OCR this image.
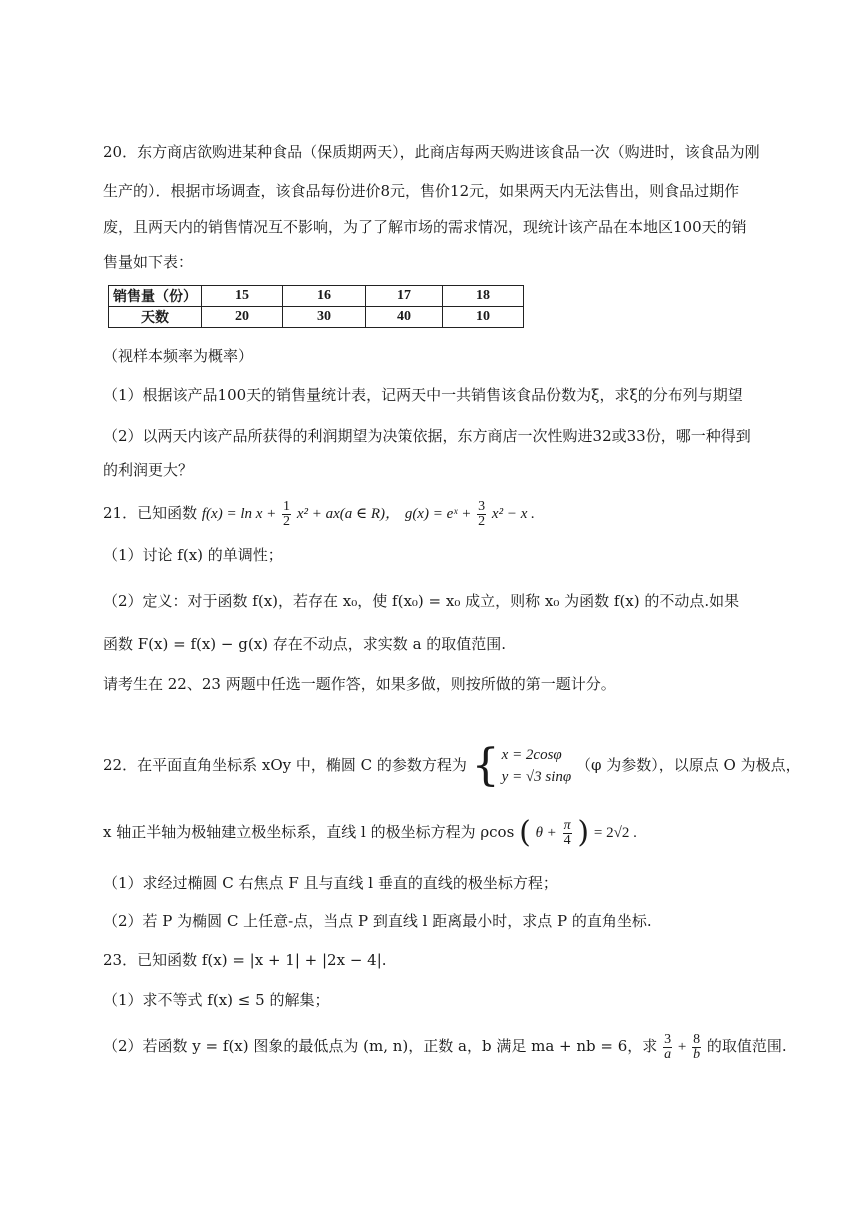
20．东方商店欲购进某种食品（保质期两天），此商店每两天购进该食品一次（购进时，该食品为刚
生产的）．根据市场调查，该食品每份进价8元，售价12元，如果两天内无法售出，则食品过期作
废，且两天内的销售情况互不影响，为了了解市场的需求情况，现统计该产品在本地区100天的销
售量如下表：
销售量（份）	15	16	17	18
天数	20	30	40	10
（视样本频率为概率）
（1）根据该产品100天的销售量统计表，记两天中一共销售该食品份数为ξ，求ξ的分布列与期望
（2）以两天内该产品所获得的利润期望为决策依据，东方商店一次性购进32或33份，哪一种得到
的利润更大？
21．已知函数 $f(x) = \ln x + \frac{1}{2} x^2 + ax(a$ ∈ R)， g(x) = eˣ + $\frac{3}{2} x^2 - x$ .
（1）讨论 f(x) 的单调性；
（2）定义：对于函数 f(x)，若存在 x₀，使 f(x₀) = x₀ 成立，则称 x₀ 为函数 f(x) 的不动点.如果
函数 F(x) = f(x) − g(x) 存在不动点，求实数 a 的取值范围.
请考生在 22、23 两题中任选一题作答，如果多做，则按所做的第一题计分。
22．在平面直角坐标系 xOy 中，椭圆 C 的参数方程为 { x = 2cosφ
y = √3 sinφ
（φ 为参数），以原点 O 为极点，
x 轴正半轴为极轴建立极坐标系，直线 l 的极坐标方程为 ρcos ( $\theta + \frac{\pi}{4}$ ) = 2√2 .
（1）求经过椭圆 C 右焦点 F 且与直线 l 垂直的直线的极坐标方程；
（2）若 P 为椭圆 C 上任意-点，当点 P 到直线 l 距离最小时，求点 P 的直角坐标.
23．已知函数 f(x) = |x + 1| + |2x − 4|.
（1）求不等式 f(x) ≤ 5 的解集；
（2）若函数 y = f(x) 图象的最低点为 (m, n)，正数 a，b 满足 ma + nb = 6，求 $\frac{3}{a} + \frac{8}{b}$ 的取值范围.
